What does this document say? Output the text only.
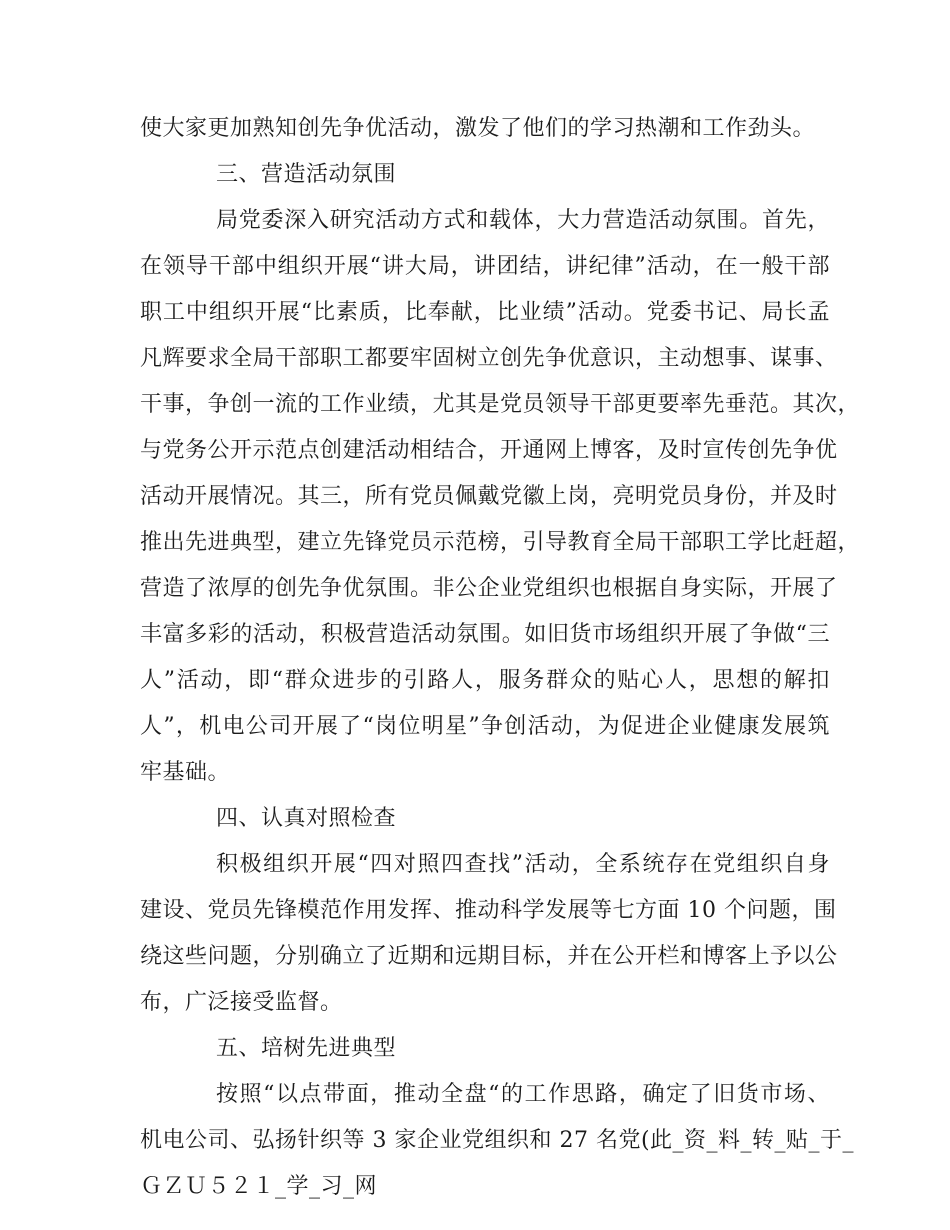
使大家更加熟知创先争优活动，激发了他们的学习热潮和工作劲头。
三、营造活动氛围
局党委深入研究活动方式和载体，大力营造活动氛围。首先，
在领导干部中组织开展“讲大局，讲团结，讲纪律”活动，在一般干部
职工中组织开展“比素质，比奉献，比业绩”活动。党委书记、局长孟
凡辉要求全局干部职工都要牢固树立创先争优意识，主动想事、谋事、
干事，争创一流的工作业绩，尤其是党员领导干部更要率先垂范。其次，
与党务公开示范点创建活动相结合，开通网上博客，及时宣传创先争优
活动开展情况。其三，所有党员佩戴党徽上岗，亮明党员身份，并及时
推出先进典型，建立先锋党员示范榜，引导教育全局干部职工学比赶超，
营造了浓厚的创先争优氛围。非公企业党组织也根据自身实际，开展了
丰富多彩的活动，积极营造活动氛围。如旧货市场组织开展了争做“三
人”活动，即“群众进步的引路人，服务群众的贴心人，思想的解扣
人”，机电公司开展了“岗位明星”争创活动，为促进企业健康发展筑
牢基础。
四、认真对照检查
积极组织开展“四对照四查找”活动，全系统存在党组织自身
建设、党员先锋模范作用发挥、推动科学发展等七方面 10 个问题，围
绕这些问题，分别确立了近期和远期目标，并在公开栏和博客上予以公
布，广泛接受监督。
五、培树先进典型
按照“以点带面，推动全盘“的工作思路，确定了旧货市场、
机电公司、弘扬针织等 3 家企业党组织和 27 名党(此_资_料_转_贴_于_
ＧＺＵ５２１_学_习_网
